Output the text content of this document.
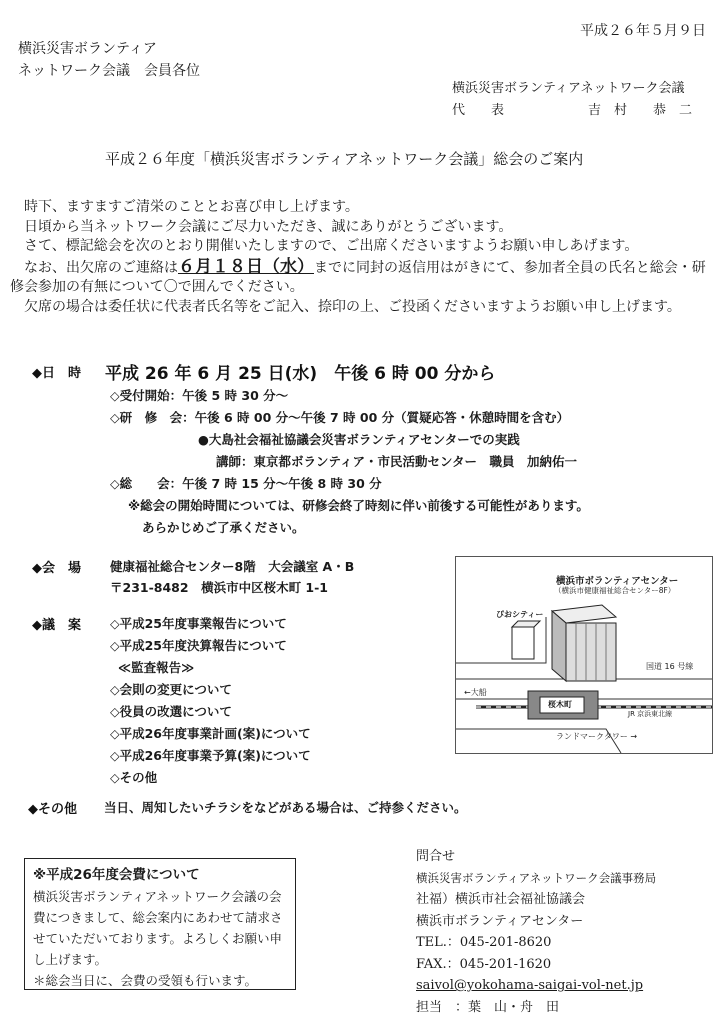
平成２６年５月９日
横浜災害ボランティア
ネットワーク会議　会員各位
横浜災害ボランティアネットワーク会議
代　　表	吉　村　　恭　二
平成２６年度「横浜災害ボランティアネットワーク会議」総会のご案内

時下、ますますご清栄のこととお喜び申し上げます。

日頃から当ネットワーク会議にご尽力いただき、誠にありがとうございます。

さて、標記総会を次のとおり開催いたしますので、ご出席くださいますようお願い申しあげます。

なお、出欠席のご連絡は６月１８日（水）までに同封の返信用はがきにて、参加者全員の氏名と総会・研修会参加の有無について〇で囲んでください。

欠席の場合は委任状に代表者氏名等をご記入、捺印の上、ご投函くださいますようお願い申し上げます。

◆日　時 平成 26 年 6 月 25 日(水)　午後 6 時 00 分から
◇受付開始：午後 5 時 30 分～
◇研　修　会：午後 6 時 00 分～午後 7 時 00 分（質疑応答・休憩時間を含む）
●大島社会福祉協議会災害ボランティアセンターでの実践
講師：東京都ボランティア・市民活動センター　職員　加納佑一
◇総　　会：午後 7 時 15 分～午後 8 時 30 分
※総会の開始時間については、研修会終了時刻に伴い前後する可能性があります。
あらかじめご了承ください。
◆会　場 健康福祉総合センター8階　大会議室 A・B
〒231-8482　横浜市中区桜木町 1-1	横浜市ボランティアセンター
（横浜市健康福祉総合センター8F）
ぴおシティー
国道 16 号線
←大船
桜木町
JR 京浜東北線
ランドマークタワー →
◆議　案 ◇平成25年度事業報告について
◇平成25年度決算報告について
≪監査報告≫
◇会則の変更について
◇役員の改選について
◇平成26年度事業計画(案)について
◇平成26年度事業予算(案)について
◇その他
◆その他 当日、周知したいチラシをなどがある場合は、ご持参ください。
※平成26年度会費について
横浜災害ボランティアネットワーク会議の会費につきまして、総会案内にあわせて請求させていただいております。よろしくお願い申し上げます。
＊総会当日に、会費の受領も行います。
問合せ
横浜災害ボランティアネットワーク会議事務局
社福）横浜市社会福祉協議会
横浜市ボランティアセンター
TEL.：045-201-8620
FAX.：045-201-1620
saivol@yokohama-saigai-vol-net.jp
担当　：葉　山・舟　田
